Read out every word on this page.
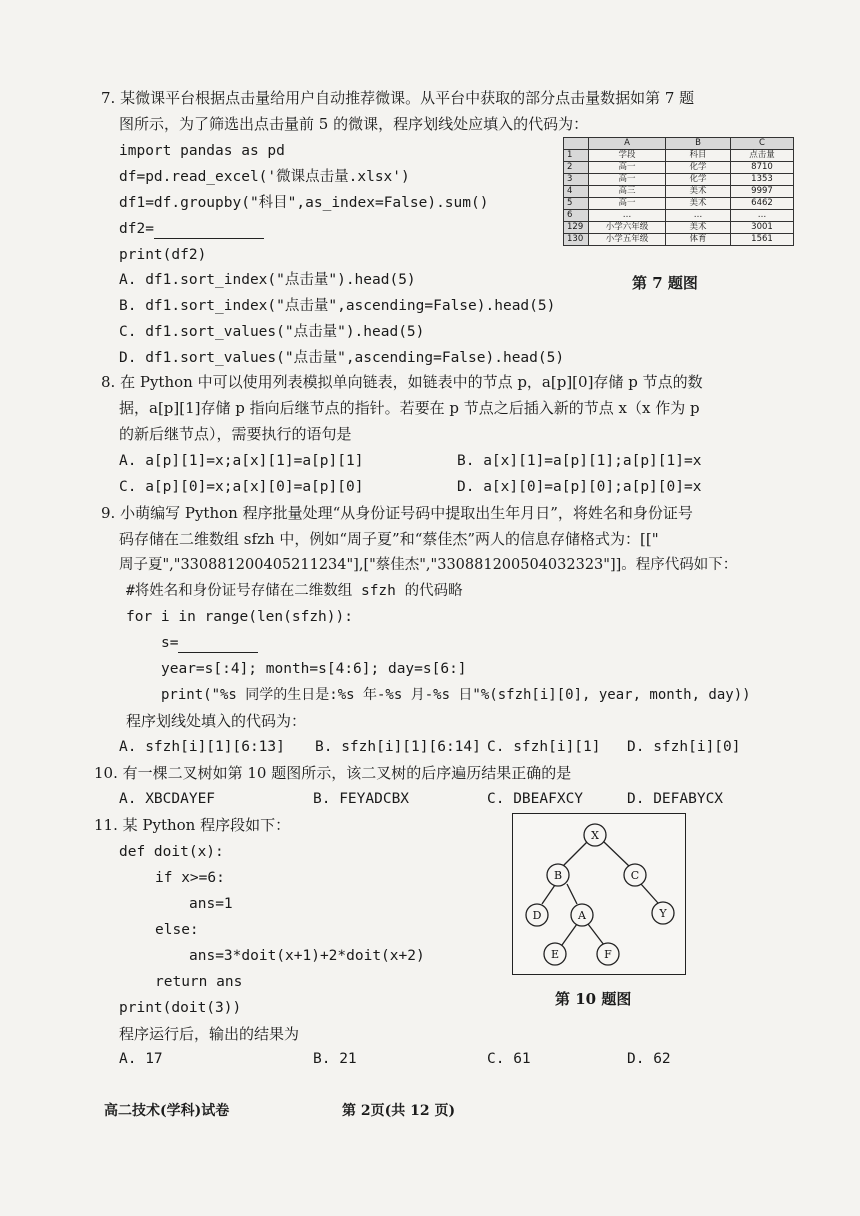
7. 某微课平台根据点击量给用户自动推荐微课。从平台中获取的部分点击量数据如第 7 题
图所示，为了筛选出点击量前 5 的微课，程序划线处应填入的代码为：
import pandas as pd
df=pd.read_excel('微课点击量.xlsx')
df1=df.groupby("科目",as_index=False).sum()
df2=
print(df2)
A. df1.sort_index("点击量").head(5)
B. df1.sort_index("点击量",ascending=False).head(5)
C. df1.sort_values("点击量").head(5)
D. df1.sort_values("点击量",ascending=False).head(5)
	A	B	C
1	学段	科目	点击量
2	高一	化学	8710
3	高一	化学	1353
4	高三	美术	9997
5	高一	美术	6462
6	…	…	…
129	小学六年级	美术	3001
130	小学五年级	体育	1561
第 7 题图
8. 在 Python 中可以使用列表模拟单向链表，如链表中的节点 p，a[p][0]存储 p 节点的数
据，a[p][1]存储 p 指向后继节点的指针。若要在 p 节点之后插入新的节点 x（x 作为 p
的新后继节点），需要执行的语句是
A. a[p][1]=x;a[x][1]=a[p][1]	B. a[x][1]=a[p][1];a[p][1]=x
C. a[p][0]=x;a[x][0]=a[p][0]	D. a[x][0]=a[p][0];a[p][0]=x
9. 小萌编写 Python 程序批量处理“从身份证号码中提取出生年月日”，将姓名和身份证号
码存储在二维数组 sfzh 中，例如“周子夏”和“蔡佳杰”两人的信息存储格式为：[["
周子夏","330881200405211234"],["蔡佳杰","330881200504032323"]]。程序代码如下：
#将姓名和身份证号存储在二维数组 sfzh 的代码略
for i in range(len(sfzh)):
s=
year=s[:4]; month=s[4:6]; day=s[6:]
print("%s 同学的生日是:%s 年-%s 月-%s 日"%(sfzh[i][0], year, month, day))
程序划线处填入的代码为：
A. sfzh[i][1][6:13] B. sfzh[i][1][6:14] C. sfzh[i][1] D. sfzh[i][0]
10. 有一棵二叉树如第 10 题图所示，该二叉树的后序遍历结果正确的是
A. XBCDAYEF	B. FEYADCBX	C. DBEAFXCY	D. DEFABYCX
X
B	C
D	A	Y
E	F
第 10 题图
11. 某 Python 程序段如下：
def doit(x):
if x>=6:
ans=1
else:
ans=3*doit(x+1)+2*doit(x+2)
return ans
print(doit(3))
程序运行后，输出的结果为
A. 17	B. 21	C. 61	D. 62
高二技术(学科)试卷	第 2页(共 12 页)
